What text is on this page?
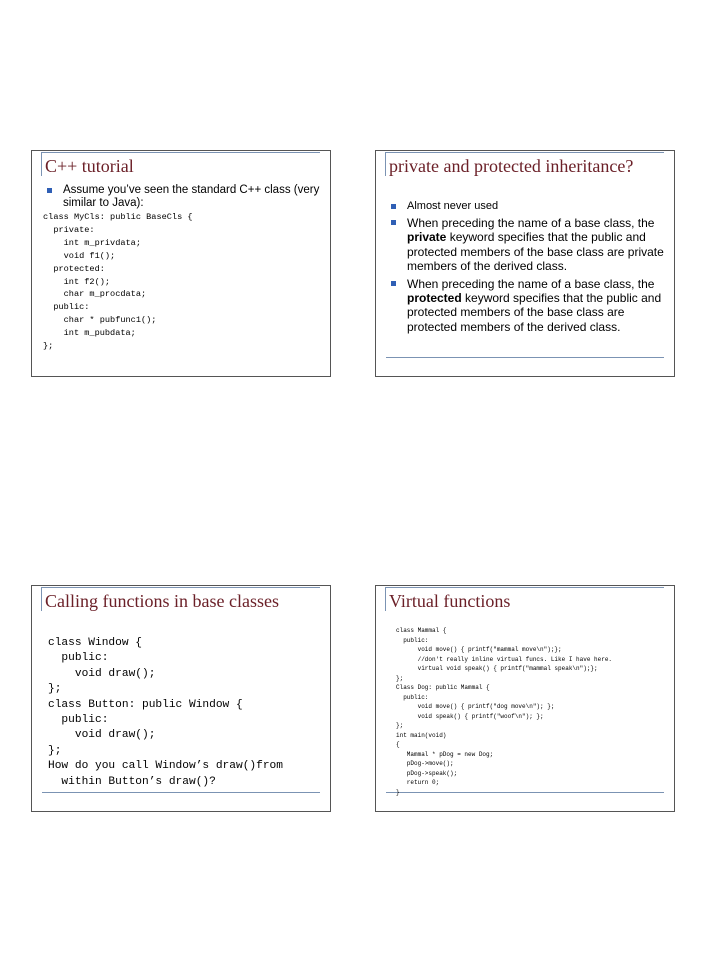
C++ tutorial
Assume you’ve seen the standard C++ class (very similar to Java):
class MyCls: public BaseCls {
private:
int m_privdata;
void f1();
protected:
int f2();
char m_procdata;
public:
char * pubfunc1();
int m_pubdata;
};
private and protected inheritance?
Almost never used
When preceding the name of a base class, the private keyword specifies that the public and protected members of the base class are private members of the derived class.
When preceding the name of a base class, the protected keyword specifies that the public and protected members of the base class are protected members of the derived class.
Calling functions in base classes
class Window {
public:
void draw();
};
class Button: public Window {
public:
void draw();
};
How do you call Window’s draw()from
within Button’s draw()?
Virtual functions
class Mammal {
public:
void move() { printf("mammal move\n");};
//don't really inline virtual funcs. Like I have here.
virtual void speak() { printf("mammal speak\n");};
};
Class Dog: public Mammal {
public:
void move() { printf("dog move\n"); };
void speak() { printf("woof\n"); };
};
int main(void)
{
Mammal * pDog = new Dog;
pDog->move();
pDog->speak();
return 0;
}
